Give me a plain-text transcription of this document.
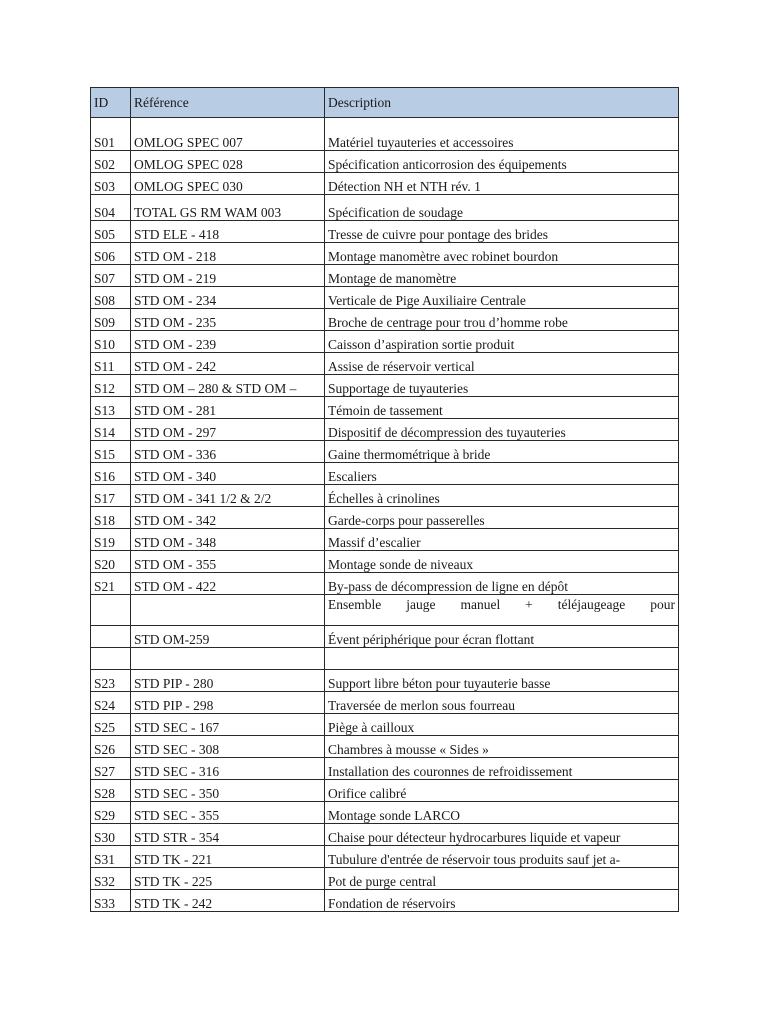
ID	Référence	Description
S01	OMLOG SPEC 007	Matériel tuyauteries et accessoires
S02	OMLOG SPEC 028	Spécification anticorrosion des équipements
S03	OMLOG SPEC 030	Détection NH et NTH rév. 1
S04	TOTAL GS RM WAM 003	Spécification de soudage
S05	STD ELE - 418	Tresse de cuivre pour pontage des brides
S06	STD OM - 218	Montage manomètre avec robinet bourdon
S07	STD OM - 219	Montage de manomètre
S08	STD OM - 234	Verticale de Pige Auxiliaire Centrale
S09	STD OM - 235	Broche de centrage pour trou d’homme robe
S10	STD OM - 239	Caisson d’aspiration sortie produit
S11	STD OM - 242	Assise de réservoir vertical
S12	STD OM – 280 & STD OM –	Supportage de tuyauteries
S13	STD OM - 281	Témoin de tassement
S14	STD OM - 297	Dispositif de décompression des tuyauteries
S15	STD OM - 336	Gaine thermométrique à bride
S16	STD OM - 340	Escaliers
S17	STD OM - 341 1/2 & 2/2	Échelles à crinolines
S18	STD OM - 342	Garde-corps pour passerelles
S19	STD OM - 348	Massif d’escalier
S20	STD OM - 355	Montage sonde de niveaux
S21	STD OM - 422	By-pass de décompression de ligne en dépôt
		Ensemble jauge manuel + téléjaugeage pour
	STD OM-259	Évent périphérique pour écran flottant

S23	STD PIP - 280	Support libre béton pour tuyauterie basse
S24	STD PIP - 298	Traversée de merlon sous fourreau
S25	STD SEC - 167	Piège à cailloux
S26	STD SEC - 308	Chambres à mousse « Sides »
S27	STD SEC - 316	Installation des couronnes de refroidissement
S28	STD SEC - 350	Orifice calibré
S29	STD SEC - 355	Montage sonde LARCO
S30	STD STR - 354	Chaise pour détecteur hydrocarbures liquide et vapeur
S31	STD TK - 221	Tubulure d'entrée de réservoir tous produits sauf jet a-
S32	STD TK - 225	Pot de purge central
S33	STD TK - 242	Fondation de réservoirs
